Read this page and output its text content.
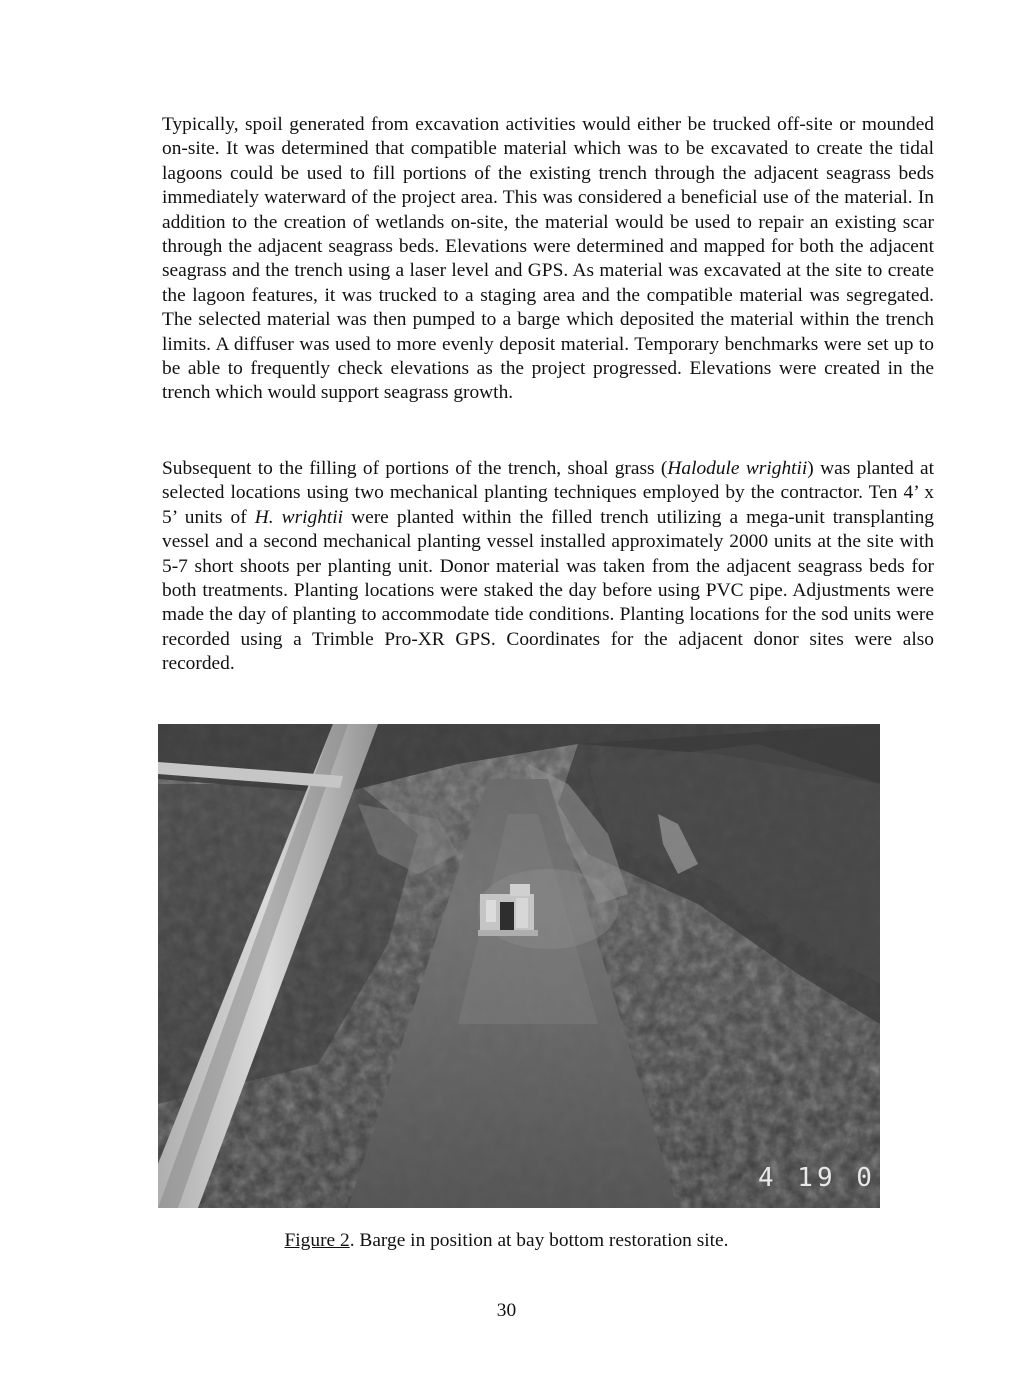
Typically, spoil generated from excavation activities would either be trucked off-site or mounded on-site. It was determined that compatible material which was to be excavated to create the tidal lagoons could be used to fill portions of the existing trench through the adjacent seagrass beds immediately waterward of the project area. This was considered a beneficial use of the material. In addition to the creation of wetlands on-site, the material would be used to repair an existing scar through the adjacent seagrass beds. Elevations were determined and mapped for both the adjacent seagrass and the trench using a laser level and GPS. As material was excavated at the site to create the lagoon features, it was trucked to a staging area and the compatible material was segregated. The selected material was then pumped to a barge which deposited the material within the trench limits. A diffuser was used to more evenly deposit material. Temporary benchmarks were set up to be able to frequently check elevations as the project progressed. Elevations were created in the trench which would support seagrass growth.

Subsequent to the filling of portions of the trench, shoal grass (Halodule wrightii) was planted at selected locations using two mechanical planting techniques employed by the contractor. Ten 4’ x 5’ units of H. wrightii were planted within the filled trench utilizing a mega-unit transplanting vessel and a second mechanical planting vessel installed approximately 2000 units at the site with 5-7 short shoots per planting unit. Donor material was taken from the adjacent seagrass beds for both treatments. Planting locations were staked the day before using PVC pipe. Adjustments were made the day of planting to accommodate tide conditions. Planting locations for the sod units were recorded using a Trimble Pro-XR GPS. Coordinates for the adjacent donor sites were also recorded.

4 19 0

Figure 2. Barge in position at bay bottom restoration site.

30
